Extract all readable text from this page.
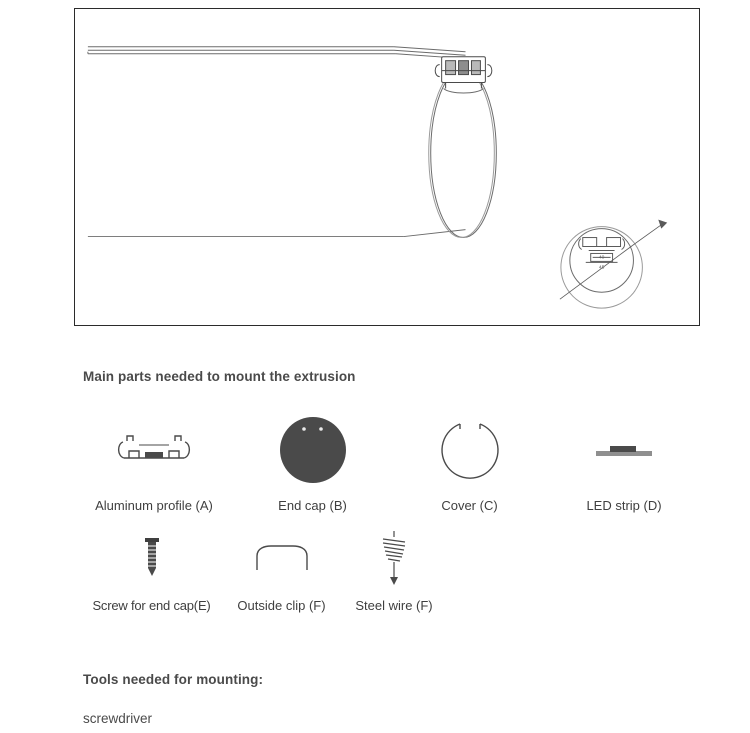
40
45
Main parts needed to mount the extrusion
Aluminum profile (A)	End cap (B)	Cover (C)	LED strip (D)
Screw for end cap(E) Outside clip (F) Steel wire (F)
Tools needed for mounting:
screwdriver
